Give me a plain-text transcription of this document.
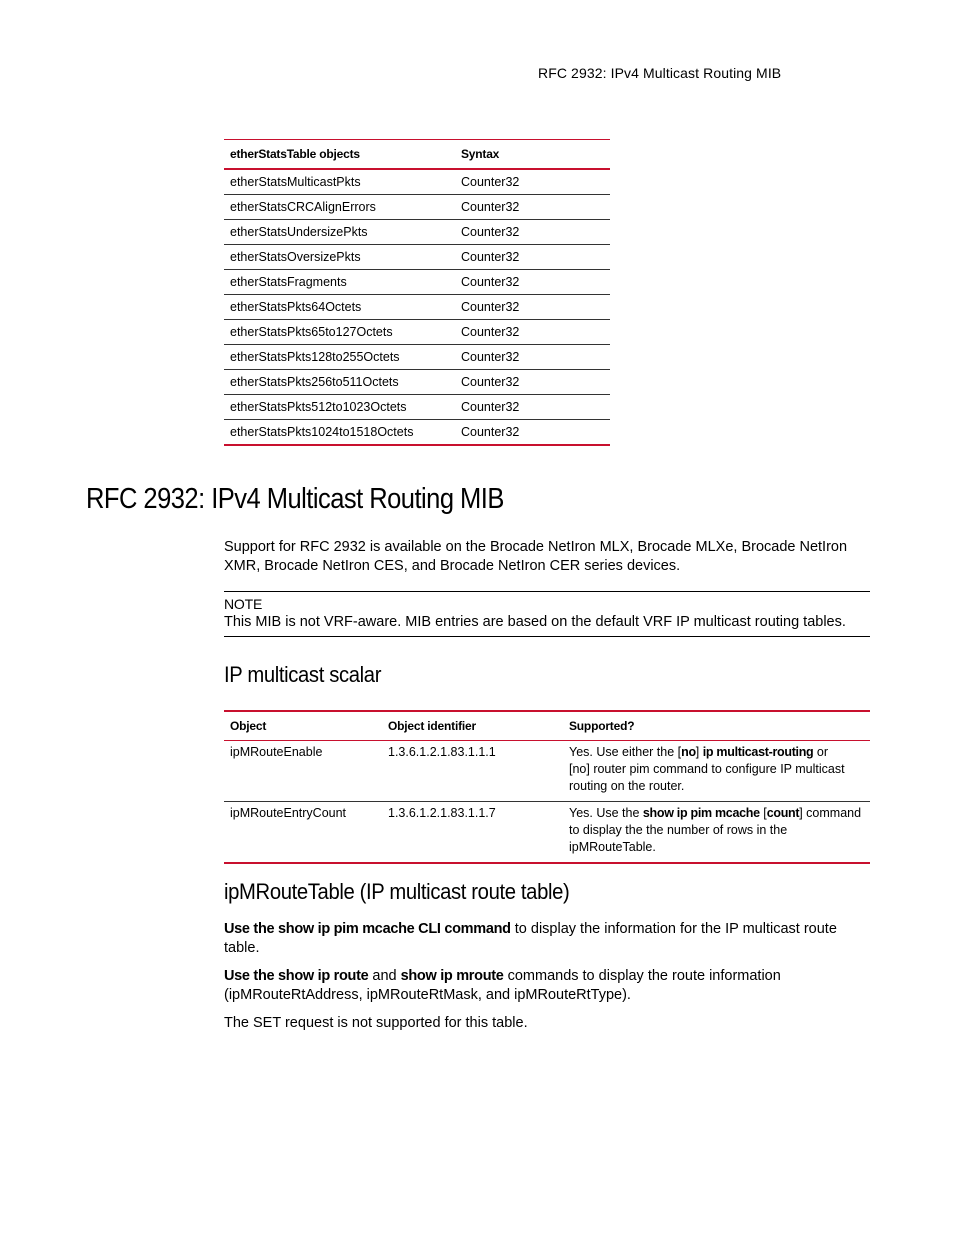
RFC 2932: IPv4 Multicast Routing MIB
etherStatsTable objects	Syntax
etherStatsMulticastPkts	Counter32
etherStatsCRCAlignErrors	Counter32
etherStatsUndersizePkts	Counter32
etherStatsOversizePkts	Counter32
etherStatsFragments	Counter32
etherStatsPkts64Octets	Counter32
etherStatsPkts65to127Octets	Counter32
etherStatsPkts128to255Octets	Counter32
etherStatsPkts256to511Octets	Counter32
etherStatsPkts512to1023Octets	Counter32
etherStatsPkts1024to1518Octets	Counter32
RFC 2932: IPv4 Multicast Routing MIB

Support for RFC 2932 is available on the Brocade NetIron MLX, Brocade MLXe, Brocade NetIron XMR, Brocade NetIron CES, and Brocade NetIron CER series devices.

NOTE
This MIB is not VRF-aware. MIB entries are based on the default VRF IP multicast routing tables.
IP multicast scalar
Object	Object identifier	Supported?
ipMRouteEnable	1.3.6.1.2.1.83.1.1.1	Yes. Use either the [no] ip multicast-routing or
[no] router pim command to configure IP multicast routing on the router.
ipMRouteEntryCount	1.3.6.1.2.1.83.1.1.7	Yes. Use the show ip pim mcache [count] command to display the the number of rows in the ipMRouteTable.
ipMRouteTable (IP multicast route table)

Use the show ip pim mcache CLI command to display the information for the IP multicast route table.

Use the show ip route and show ip mroute commands to display the route information (ipMRouteRtAddress, ipMRouteRtMask, and ipMRouteRtType).

The SET request is not supported for this table.
